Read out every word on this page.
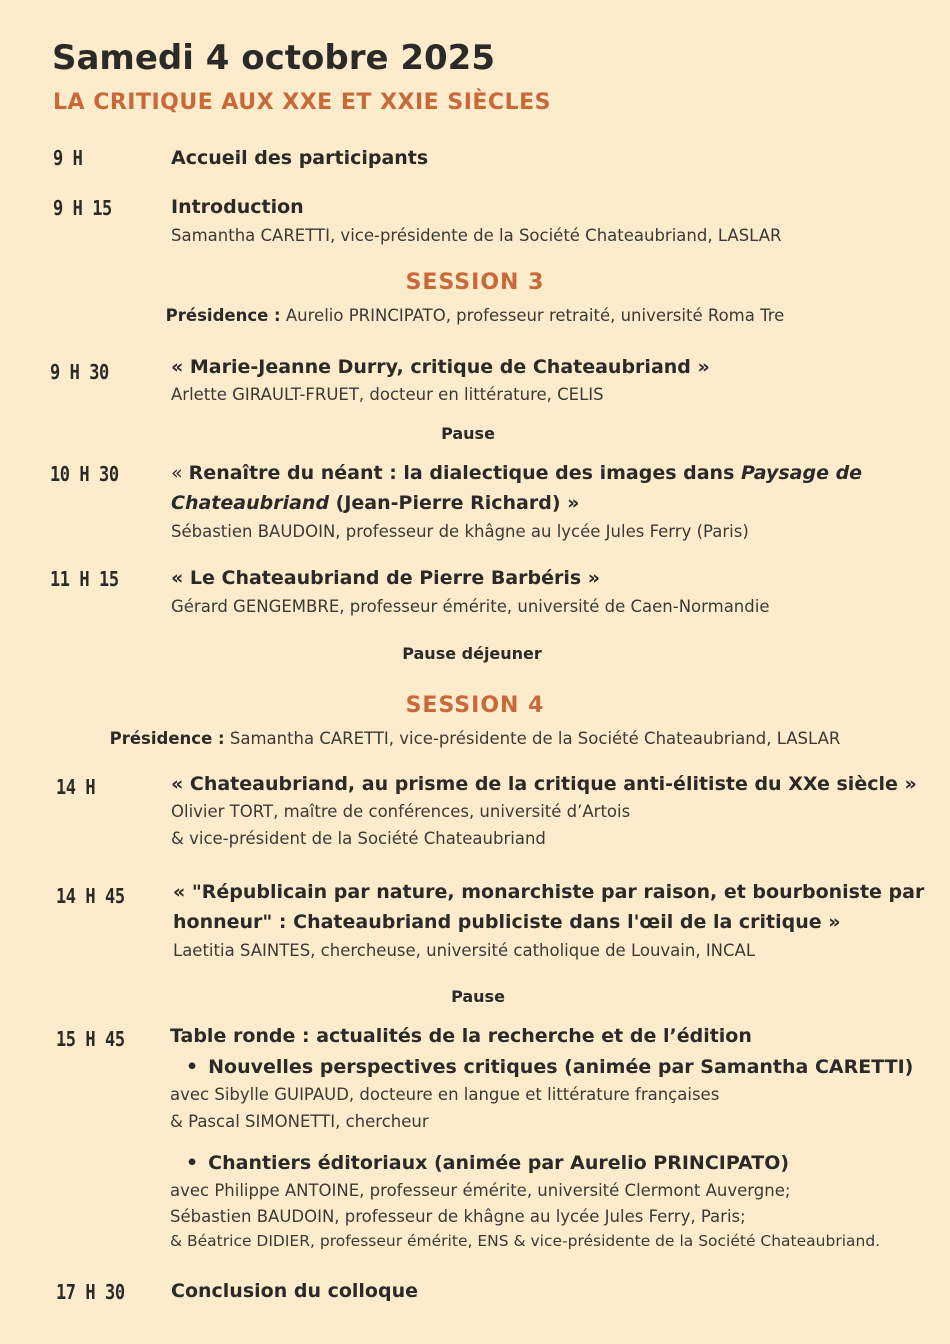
Samedi 4 octobre 2025
LA CRITIQUE AUX XXE ET XXIE SIÈCLES
9 H	Accueil des participants
9 H 15	Introduction
Samantha CARETTI, vice-présidente de la Société Chateaubriand, LASLAR
SESSION 3
Présidence : Aurelio PRINCIPATO, professeur retraité, université Roma Tre
9 H 30	« Marie-Jeanne Durry, critique de Chateaubriand »
Arlette GIRAULT-FRUET, docteur en littérature, CELIS
Pause
10 H 30	« Renaître du néant : la dialectique des images dans Paysage de
Chateaubriand (Jean-Pierre Richard) »
Sébastien BAUDOIN, professeur de khâgne au lycée Jules Ferry (Paris)
11 H 15	« Le Chateaubriand de Pierre Barbéris »
Gérard GENGEMBRE, professeur émérite, université de Caen-Normandie
Pause déjeuner
SESSION 4
Présidence : Samantha CARETTI, vice-présidente de la Société Chateaubriand, LASLAR
14 H	« Chateaubriand, au prisme de la critique anti-élitiste du XXe siècle »
Olivier TORT, maître de conférences, université d’Artois
& vice-président de la Société Chateaubriand
14 H 45	« "Républicain par nature, monarchiste par raison, et bourboniste par
honneur" : Chateaubriand publiciste dans l'œil de la critique »
Laetitia SAINTES, chercheuse, université catholique de Louvain, INCAL
Pause
15 H 45 Table ronde : actualités de la recherche et de l’édition
• Nouvelles perspectives critiques (animée par Samantha CARETTI)
avec Sibylle GUIPAUD, docteure en langue et littérature françaises
& Pascal SIMONETTI, chercheur
• Chantiers éditoriaux (animée par Aurelio PRINCIPATO)
avec Philippe ANTOINE, professeur émérite, université Clermont Auvergne;
Sébastien BAUDOIN, professeur de khâgne au lycée Jules Ferry, Paris;
& Béatrice DIDIER, professeur émérite, ENS & vice-présidente de la Société Chateaubriand.
17 H 30 Conclusion du colloque
